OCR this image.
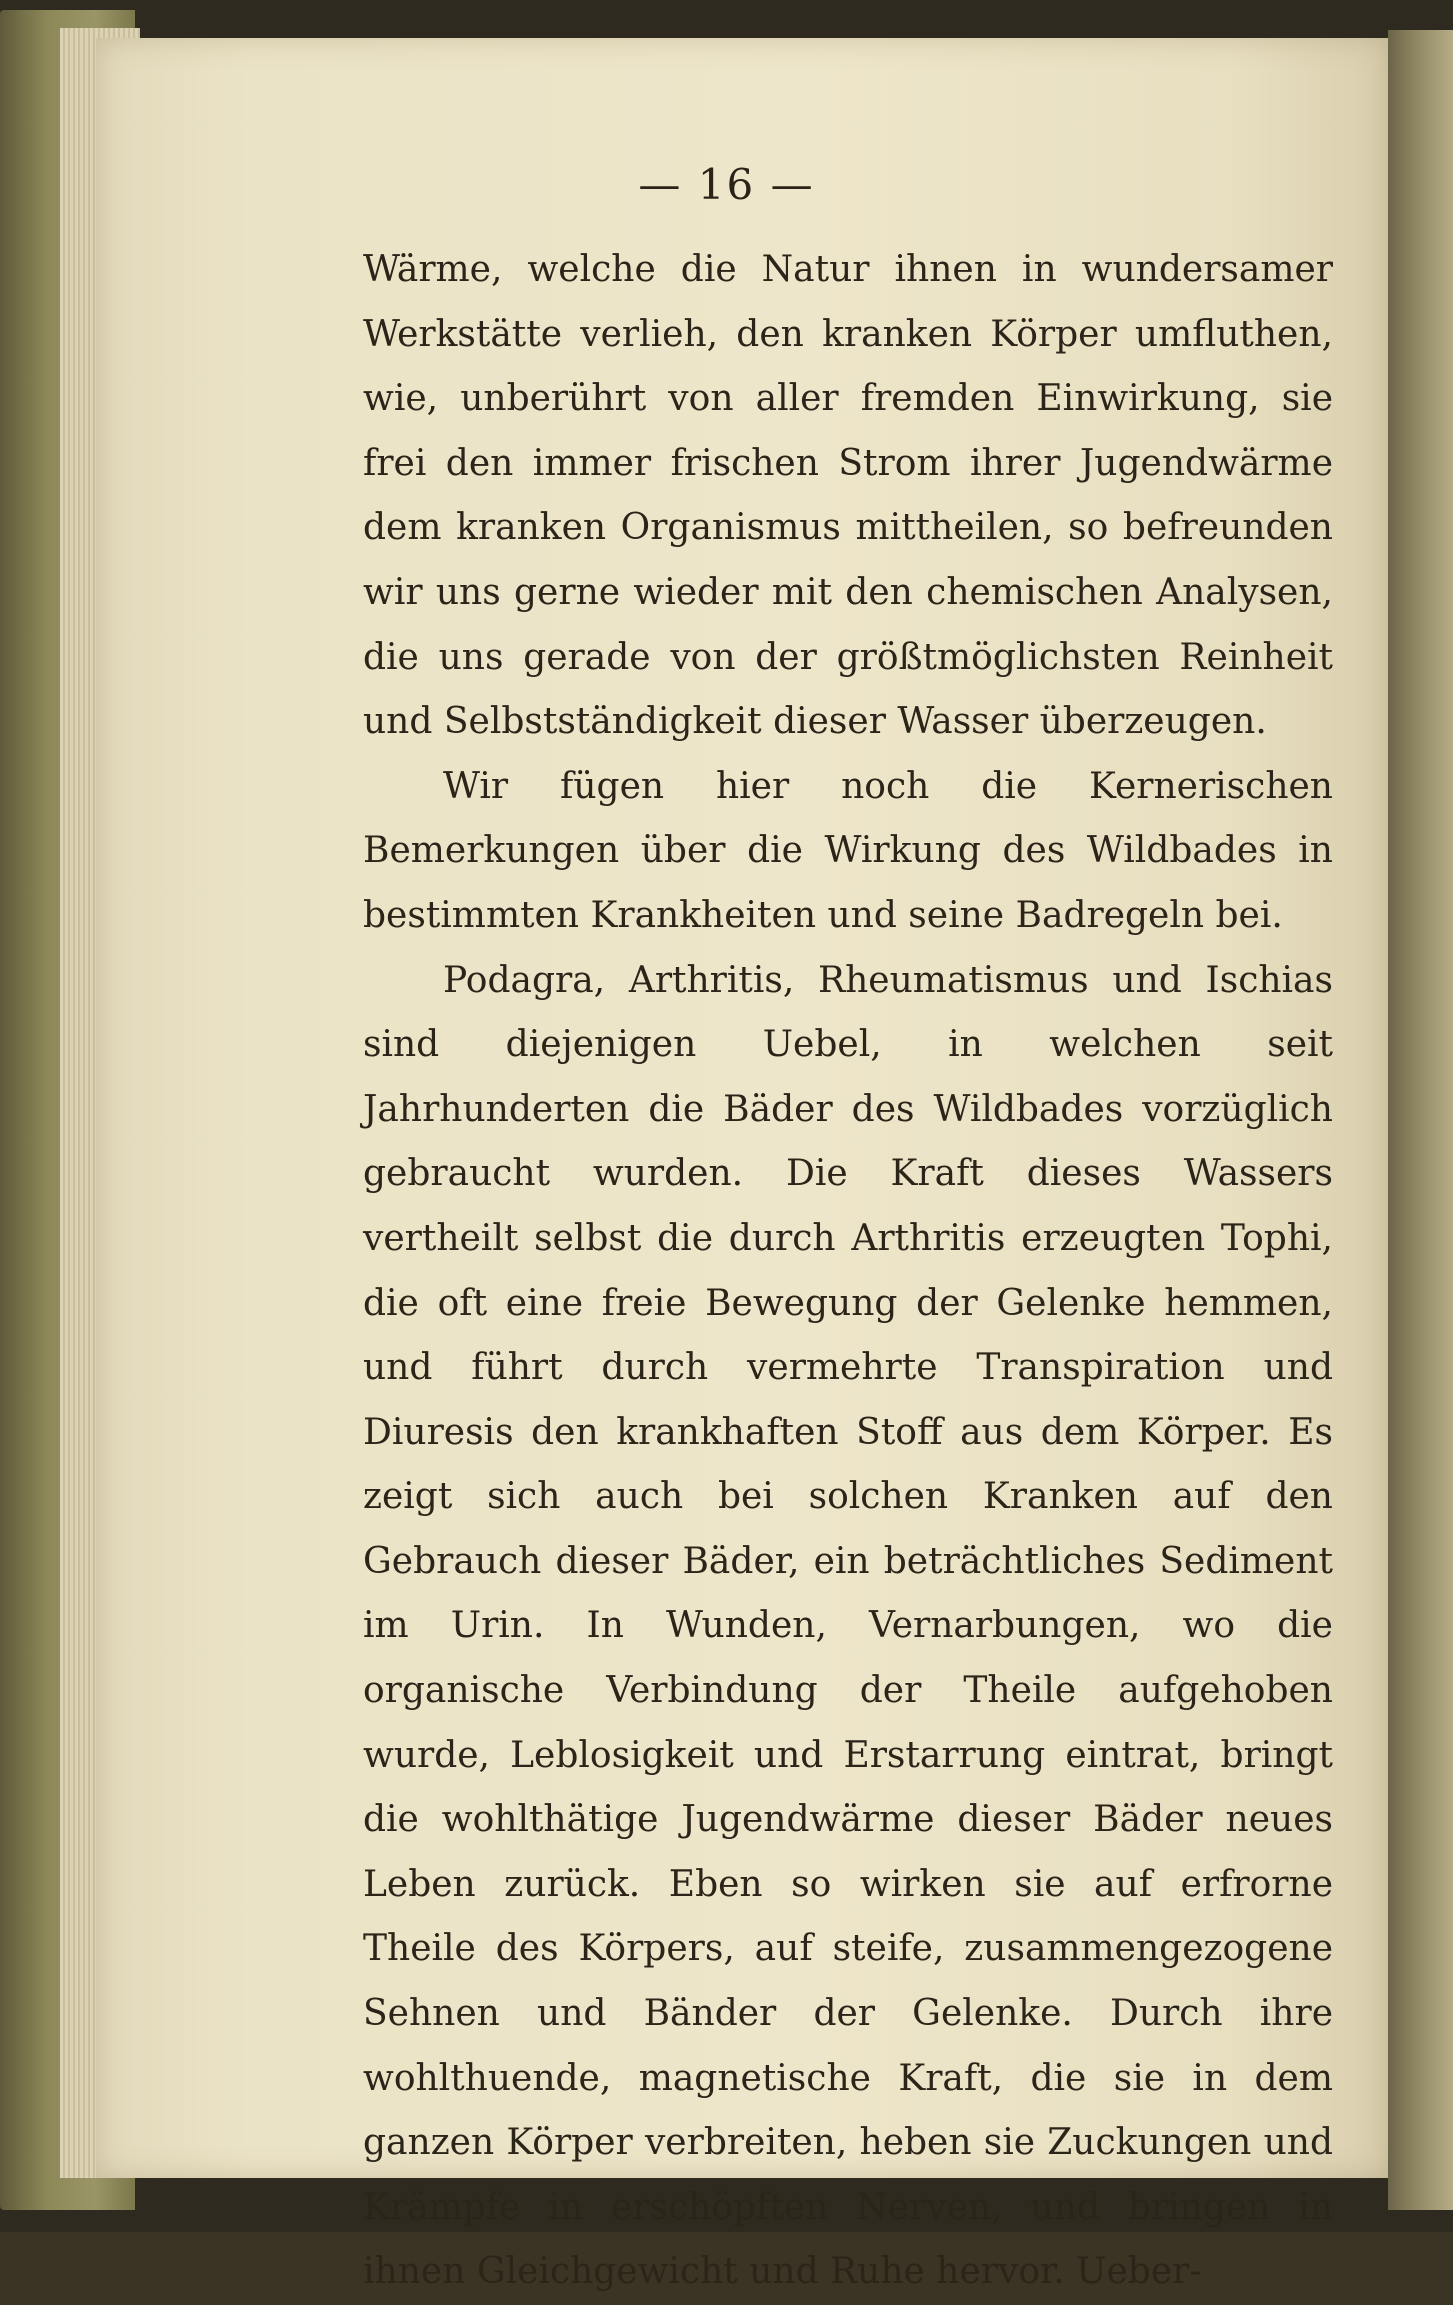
— 16 —

Wärme, welche die Natur ihnen in wundersamer Werkstätte verlieh, den kranken Körper umfluthen, wie, unberührt von aller fremden Einwirkung, sie frei den immer frischen Strom ihrer Jugendwärme dem kranken Organismus mittheilen, so befreunden wir uns gerne wieder mit den chemischen Analysen, die uns gerade von der größtmöglichsten Reinheit und Selbstständigkeit dieser Wasser überzeugen.

Wir fügen hier noch die Kernerischen Bemerkungen über die Wirkung des Wildbades in bestimmten Krankheiten und seine Badregeln bei.

Podagra, Arthritis, Rheumatismus und Ischias sind diejenigen Uebel, in welchen seit Jahrhunderten die Bäder des Wildbades vorzüglich gebraucht wurden. Die Kraft dieses Wassers vertheilt selbst die durch Arthritis erzeugten Tophi, die oft eine freie Bewegung der Gelenke hemmen, und führt durch vermehrte Transpiration und Diuresis den krankhaften Stoff aus dem Körper. Es zeigt sich auch bei solchen Kranken auf den Gebrauch dieser Bäder, ein beträchtliches Sediment im Urin. In Wunden, Vernarbungen, wo die organische Verbindung der Theile aufgehoben wurde, Leblosigkeit und Erstarrung eintrat, bringt die wohlthätige Jugendwärme dieser Bäder neues Leben zurück. Eben so wirken sie auf erfrorne Theile des Körpers, auf steife, zusammengezogene Sehnen und Bänder der Gelenke. Durch ihre wohlthuende, magnetische Kraft, die sie in dem ganzen Körper verbreiten, heben sie Zuckungen und Krämpfe in erschöpften Nerven, und bringen in ihnen Gleichgewicht und Ruhe hervor. Ueber-
